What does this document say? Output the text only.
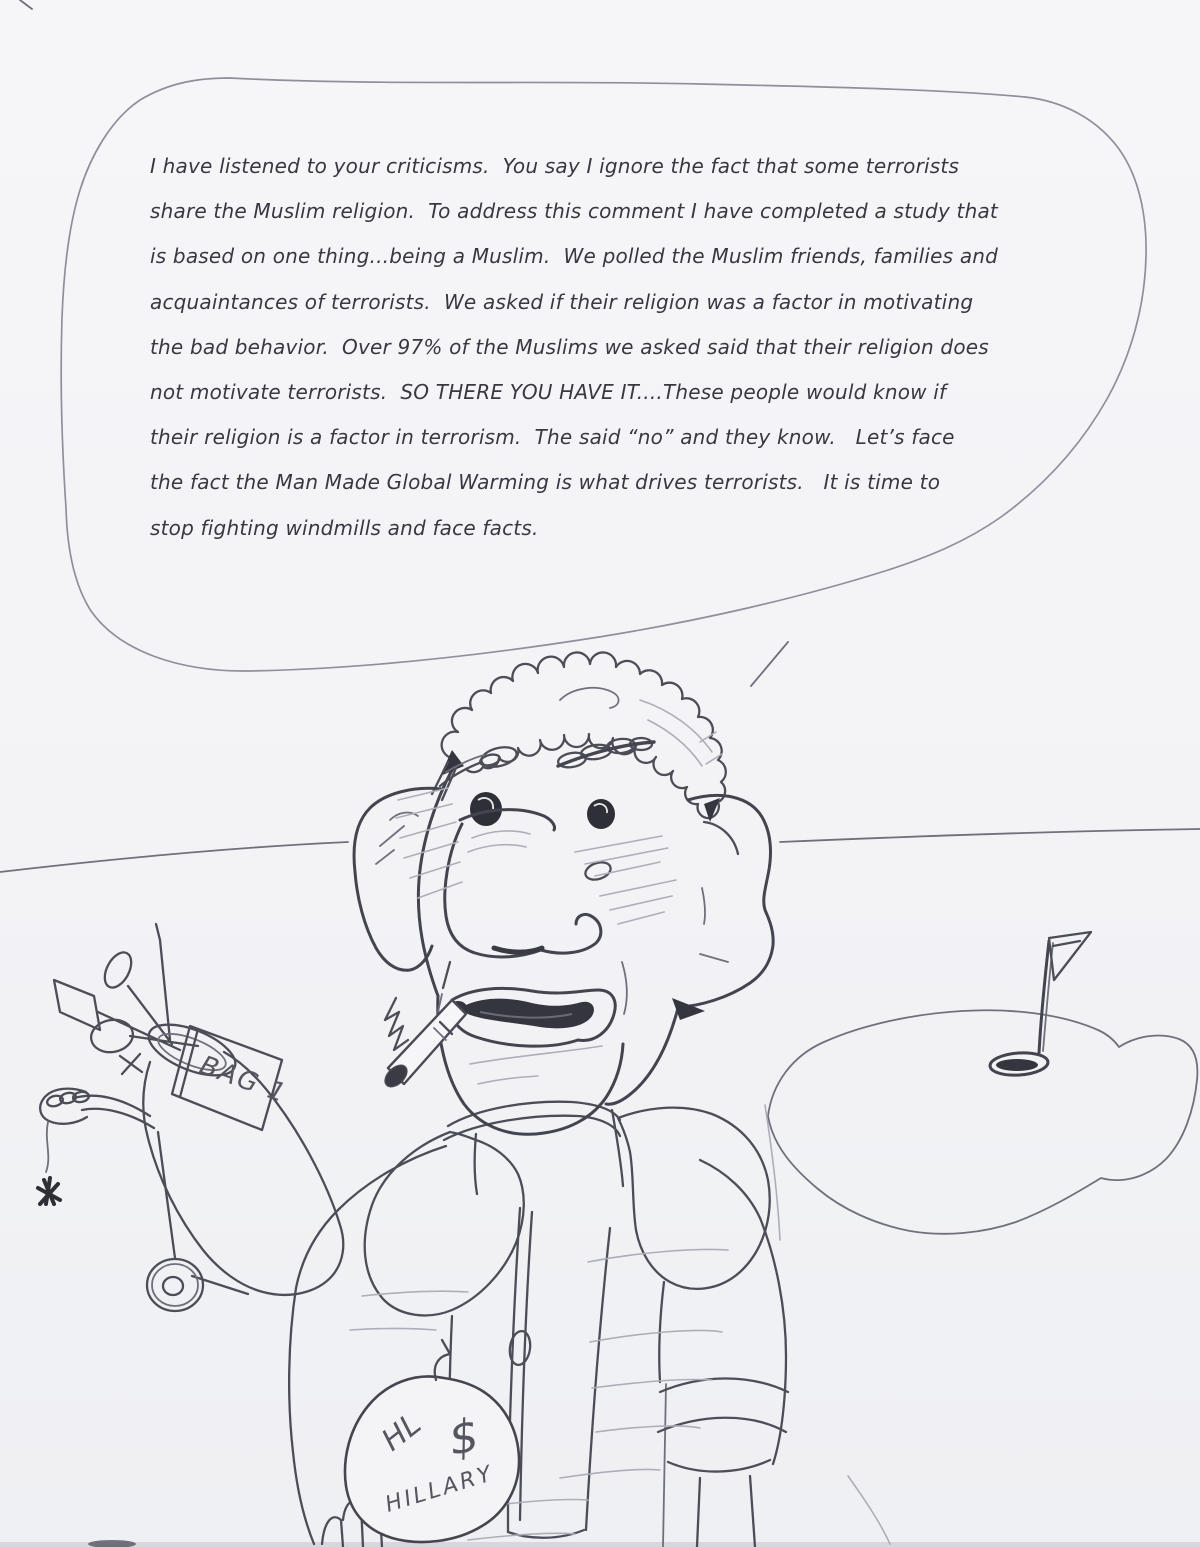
BAG 1
$
HL
HILLARY
I have listened to your criticisms.  You say I ignore the fact that some terrorists
share the Muslim religion.  To address this comment I have completed a study that
is based on one thing...being a Muslim.  We polled the Muslim friends, families and
acquaintances of terrorists.  We asked if their religion was a factor in motivating
the bad behavior.  Over 97% of the Muslims we asked said that their religion does
not motivate terrorists.  SO THERE YOU HAVE IT....These people would know if
their religion is a factor in terrorism.  The said “no” and they know.   Let’s face
the fact the Man Made Global Warming is what drives terrorists.   It is time to
stop fighting windmills and face facts.
